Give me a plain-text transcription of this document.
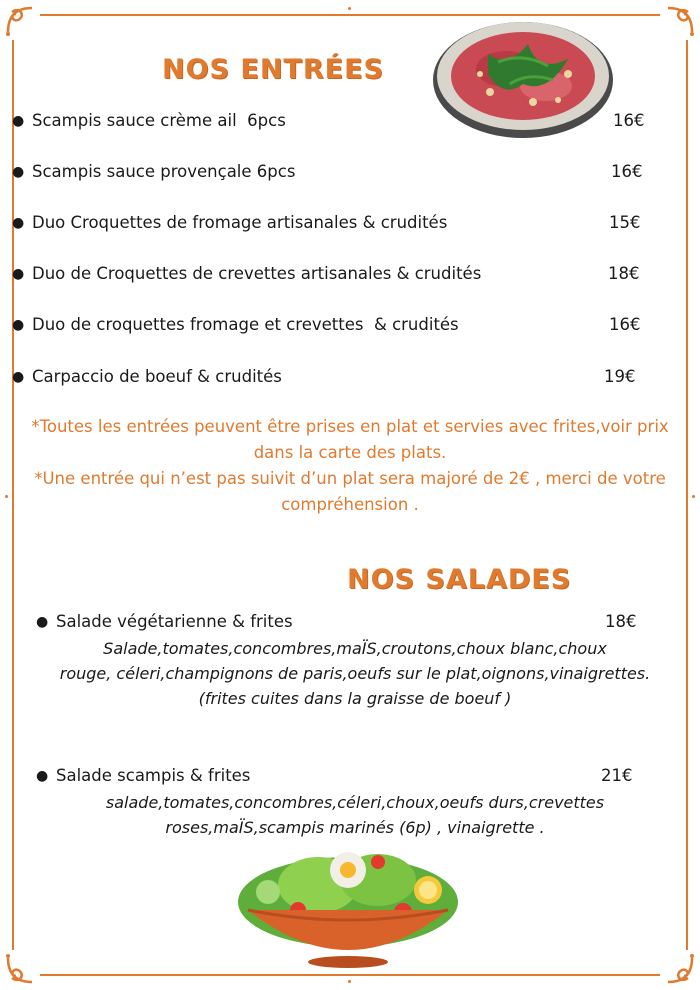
NOS ENTRÉES
● Scampis sauce crème ail  6pcs	16€
● Scampis sauce provençale 6pcs	16€
● Duo Croquettes de fromage artisanales & crudités	15€
● Duo de Croquettes de crevettes artisanales & crudités	18€
● Duo de croquettes fromage et crevettes  & crudités	16€
● Carpaccio de boeuf & crudités	19€
*Toutes les entrées peuvent être prises en plat et servies avec frites,voir prix
dans la carte des plats.
*Une entrée qui n’est pas suivit d’un plat sera majoré de 2€ , merci de votre
compréhension .
NOS SALADES
● Salade végétarienne & frites	18€
Salade,tomates,concombres,maÏS,croutons,choux blanc,choux
rouge, céleri,champignons de paris,oeufs sur le plat,oignons,vinaigrettes.
(frites cuites dans la graisse de boeuf )
● Salade scampis & frites	21€
salade,tomates,concombres,céleri,choux,oeufs durs,crevettes
roses,maÏS,scampis marinés (6p) , vinaigrette .
